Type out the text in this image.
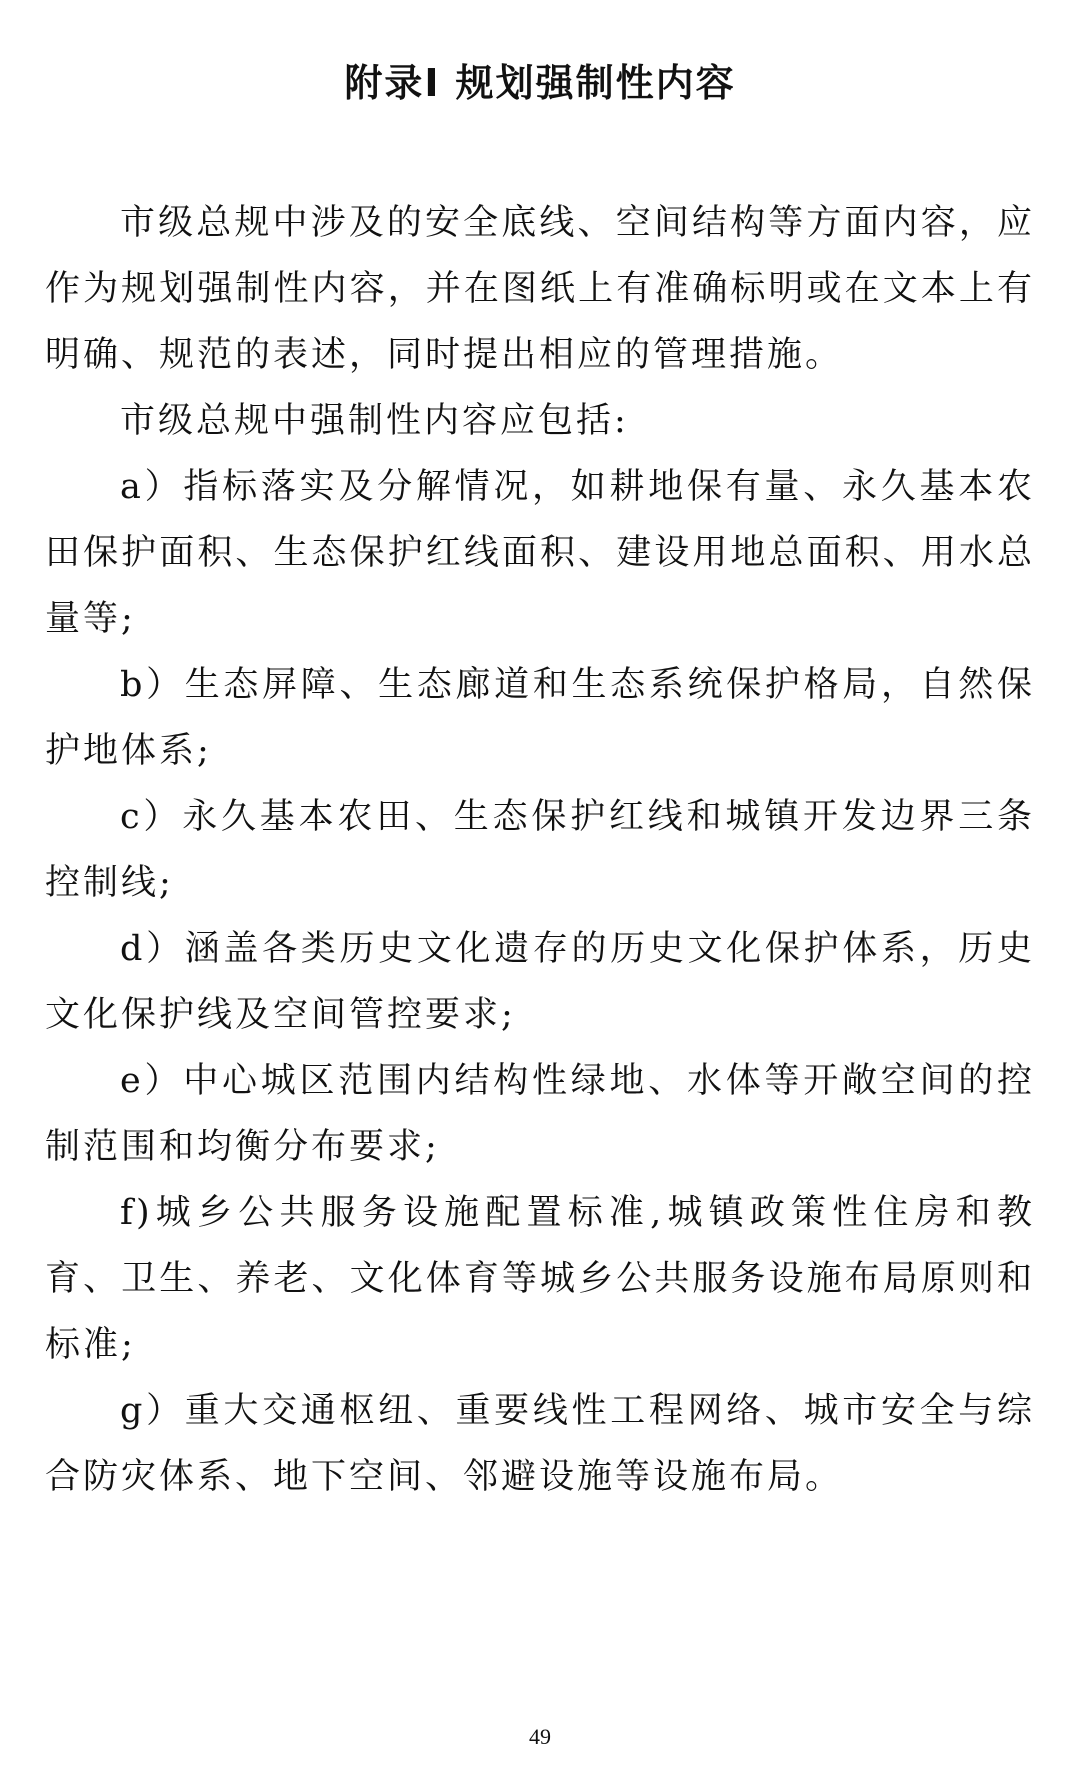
附录I 规划强制性内容

市级总规中涉及的安全底线、空间结构等方面内容，应作为规划强制性内容，并在图纸上有准确标明或在文本上有明确、规范的表述，同时提出相应的管理措施。

市级总规中强制性内容应包括:

a）指标落实及分解情况，如耕地保有量、永久基本农田保护面积、生态保护红线面积、建设用地总面积、用水总量等;

b）生态屏障、生态廊道和生态系统保护格局，自然保护地体系;

c）永久基本农田、生态保护红线和城镇开发边界三条控制线;

d）涵盖各类历史文化遗存的历史文化保护体系，历史文化保护线及空间管控要求;

e）中心城区范围内结构性绿地、水体等开敞空间的控制范围和均衡分布要求;

f)城乡公共服务设施配置标准,城镇政策性住房和教育、卫生、养老、文化体育等城乡公共服务设施布局原则和标准;

g）重大交通枢纽、重要线性工程网络、城市安全与综合防灾体系、地下空间、邻避设施等设施布局。

49
